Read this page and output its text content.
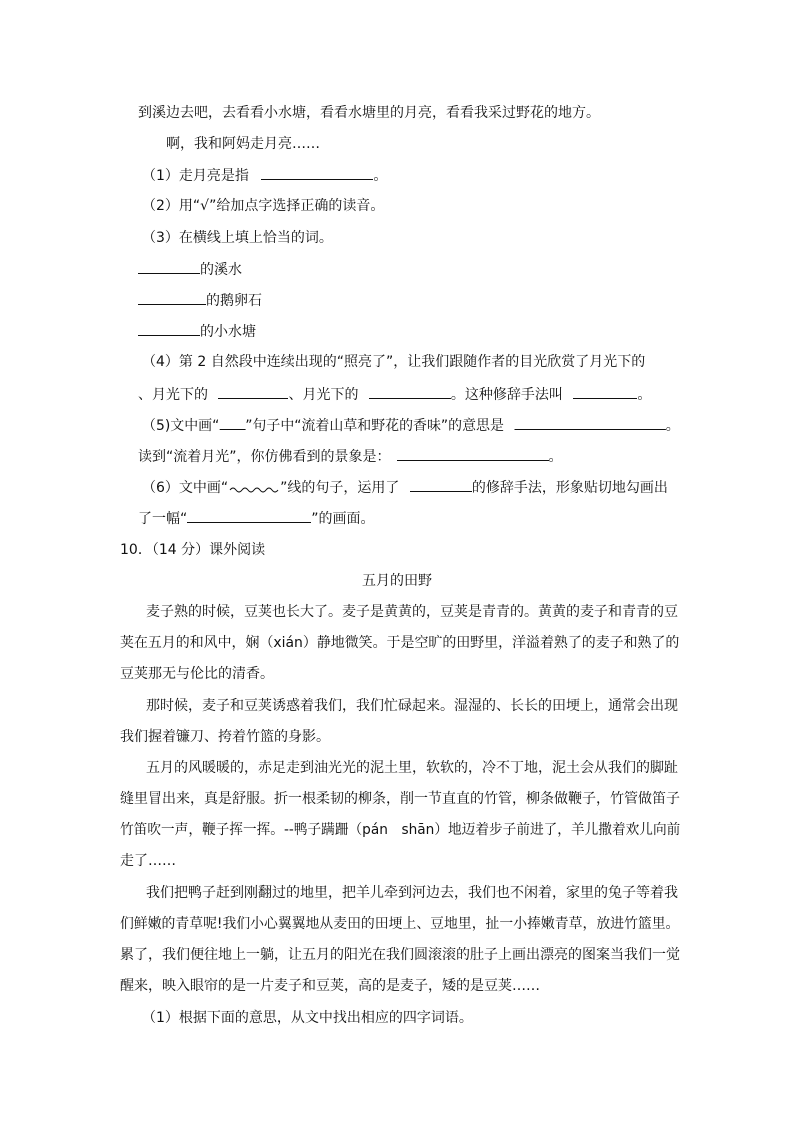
到溪边去吧，去看看小水塘，看看水塘里的月亮，看看我采过野花的地方。
啊，我和阿妈走月亮……
（1）走月亮是指	。
（2）用“√”给加点字选择正确的读音。
（3）在横线上填上恰当的词。
的溪水
的鹅卵石
的小水塘
（4）第 2 自然段中连续出现的“照亮了”，让我们跟随作者的目光欣赏了月光下的
、月光下的	、月光下的	。这种修辞手法叫	。
（5)文中画“ ”句子中“流着山草和野花的香味”的意思是	。
读到“流着月光”，你仿佛看到的景象是：	。
（6）文中画“	”线的句子，运用了	的修辞手法，形象贴切地勾画出
了一幅“	”的画面。
10．（14 分）课外阅读
五月的田野
麦子熟的时候，豆荚也长大了。麦子是黄黄的，豆荚是青青的。黄黄的麦子和青青的豆
荚在五月的和风中，娴（xián）静地微笑。于是空旷的田野里，洋溢着熟了的麦子和熟了的
豆荚那无与伦比的清香。
那时候，麦子和豆荚诱惑着我们，我们忙碌起来。湿湿的、长长的田埂上，通常会出现
我们握着镰刀、挎着竹篮的身影。
五月的风暖暖的，赤足走到油光光的泥土里，软软的，冷不丁地，泥土会从我们的脚趾
缝里冒出来，真是舒服。折一根柔韧的柳条，削一节直直的竹管，柳条做鞭子，竹管做笛子
竹笛吹一声，鞭子挥一挥。--鸭子蹒跚（pán　shān）地迈着步子前进了，羊儿撒着欢儿向前
走了……
我们把鸭子赶到刚翻过的地里，把羊儿牵到河边去，我们也不闲着，家里的兔子等着我
们鲜嫩的青草呢!我们小心翼翼地从麦田的田埂上、豆地里，扯一小捧嫩青草，放进竹篮里。
累了，我们便往地上一躺，让五月的阳光在我们圆滚滚的肚子上画出漂亮的图案当我们一觉
醒来，映入眼帘的是一片麦子和豆荚，高的是麦子，矮的是豆荚……
（1）根据下面的意思，从文中找出相应的四字词语。
